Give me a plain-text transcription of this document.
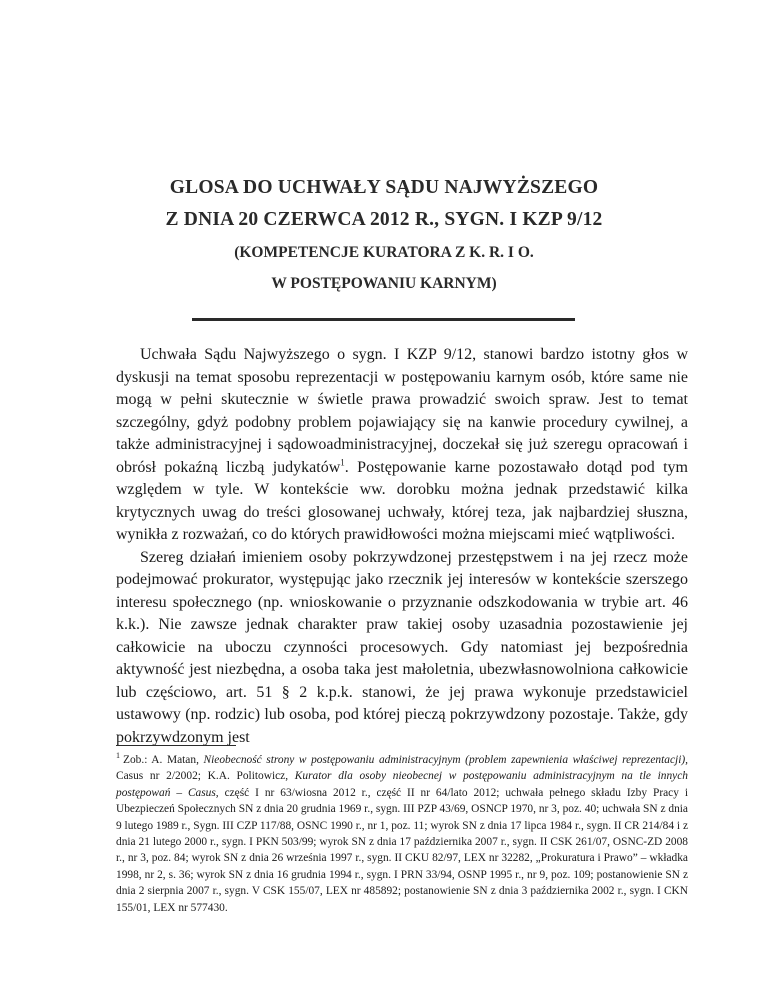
GLOSA DO UCHWAŁY SĄDU NAJWYŻSZEGO
Z DNIA 20 CZERWCA 2012 R., SYGN. I KZP 9/12
(KOMPETENCJE KURATORA Z K. R. I O.
W POSTĘPOWANIU KARNYM)

Uchwała Sądu Najwyższego o sygn. I KZP 9/12, stanowi bardzo istotny głos w dyskusji na temat sposobu reprezentacji w postępowaniu karnym osób, które same nie mogą w pełni skutecznie w świetle prawa prowadzić swoich spraw. Jest to temat szczególny, gdyż podobny problem pojawiający się na kanwie procedury cywilnej, a także administracyjnej i sądowoadministracyjnej, doczekał się już szeregu opracowań i obrósł pokaźną liczbą judykatów$^1$. Postępowanie karne pozostawało dotąd pod tym względem w tyle. W kontekście ww. dorobku można jednak przedstawić kilka krytycznych uwag do treści glosowanej uchwały, której teza, jak najbardziej słuszna, wynikła z rozważań, co do których prawidłowości można miejscami mieć wątpliwości.

Szereg działań imieniem osoby pokrzywdzonej przestępstwem i na jej rzecz może podejmować prokurator, występując jako rzecznik jej interesów w kontekście szerszego interesu społecznego (np. wnioskowanie o przyznanie odszkodowania w trybie art. 46 k.k.). Nie zawsze jednak charakter praw takiej osoby uzasadnia pozostawienie jej całkowicie na uboczu czynności procesowych. Gdy natomiast jej bezpośrednia aktywność jest niezbędna, a osoba taka jest małoletnia, ubezwłasnowolniona całkowicie lub częściowo, art. 51 § 2 k.p.k. stanowi, że jej prawa wykonuje przedstawiciel ustawowy (np. rodzic) lub osoba, pod której pieczą pokrzywdzony pozostaje. Także, gdy pokrzywdzonym jest

$^1$ Zob.: A. Matan, Nieobecność strony w postępowaniu administracyjnym (problem zapewnienia właściwej reprezentacji), Casus nr 2/2002; K.A. Politowicz, Kurator dla osoby nieobecnej w postępowaniu administracyjnym na tle innych postępowań – Casus, część I nr 63/wiosna 2012 r., część II nr 64/lato 2012; uchwała pełnego składu Izby Pracy i Ubezpieczeń Społecznych SN z dnia 20 grudnia 1969 r., sygn. III PZP 43/69, OSNCP 1970, nr 3, poz. 40; uchwała SN z dnia 9 lutego 1989 r., Sygn. III CZP 117/88, OSNC 1990 r., nr 1, poz. 11; wyrok SN z dnia 17 lipca 1984 r., sygn. II CR 214/84 i z dnia 21 lutego 2000 r., sygn. I PKN 503/99; wyrok SN z dnia 17 października 2007 r., sygn. II CSK 261/07, OSNC-ZD 2008 r., nr 3, poz. 84; wyrok SN z dnia 26 września 1997 r., sygn. II CKU 82/97, LEX nr 32282, „Prokuratura i Prawo” – wkładka 1998, nr 2, s. 36; wyrok SN z dnia 16 grudnia 1994 r., sygn. I PRN 33/94, OSNP 1995 r., nr 9, poz. 109; postanowienie SN z dnia 2 sierpnia 2007 r., sygn. V CSK 155/07, LEX nr 485892; postanowienie SN z dnia 3 października 2002 r., sygn. I CKN 155/01, LEX nr 577430.
